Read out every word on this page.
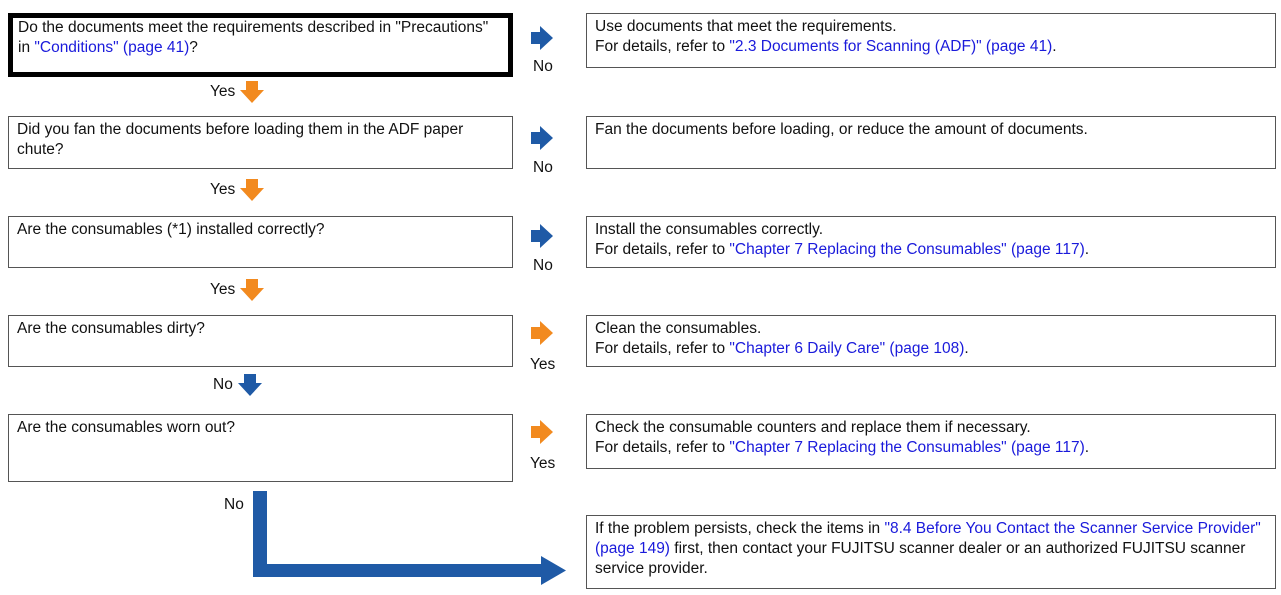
Do the documents meet the requirements described in "Precautions" in "Conditions" (page 41)?

Did you fan the documents before loading them in the ADF paper chute?

Are the consumables (*1) installed correctly?

Are the consumables dirty?

Are the consumables worn out?

Use documents that meet the requirements.

For details, refer to "2.3 Documents for Scanning (ADF)" (page 41).

Fan the documents before loading, or reduce the amount of documents.

Install the consumables correctly.

For details, refer to "Chapter 7 Replacing the Consumables" (page 117).

Clean the consumables.

For details, refer to "Chapter 6 Daily Care" (page 108).

Check the consumable counters and replace them if necessary.

For details, refer to "Chapter 7 Replacing the Consumables" (page 117).

If the problem persists, check the items in "8.4 Before You Contact the Scanner Service Provider" (page 149) first, then contact your FUJITSU scanner dealer or an authorized FUJITSU scanner service provider.

No
No
No
Yes
Yes
Yes
Yes
Yes
No
No
